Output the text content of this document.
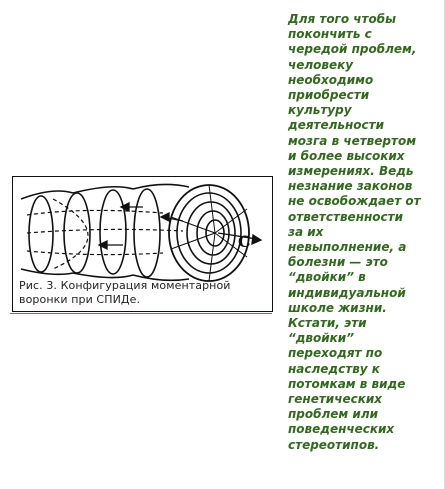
Рис. 3. Конфигурация моментарной
воронки при СПИДе.
C
Для того чтобы
покончить с
чередой проблем,
человеку
необходимо
приобрести
культуру
деятельности
мозга в четвертом
и более высоких
измерениях. Ведь
незнание законов
не освобождает от
ответственности
за их
невыполнение, а
болезни — это
“двойки” в
индивидуальной
школе жизни.
Кстати, эти
“двойки”
переходят по
наследству к
потомкам в виде
генетических
проблем или
поведенческих
стереотипов.
